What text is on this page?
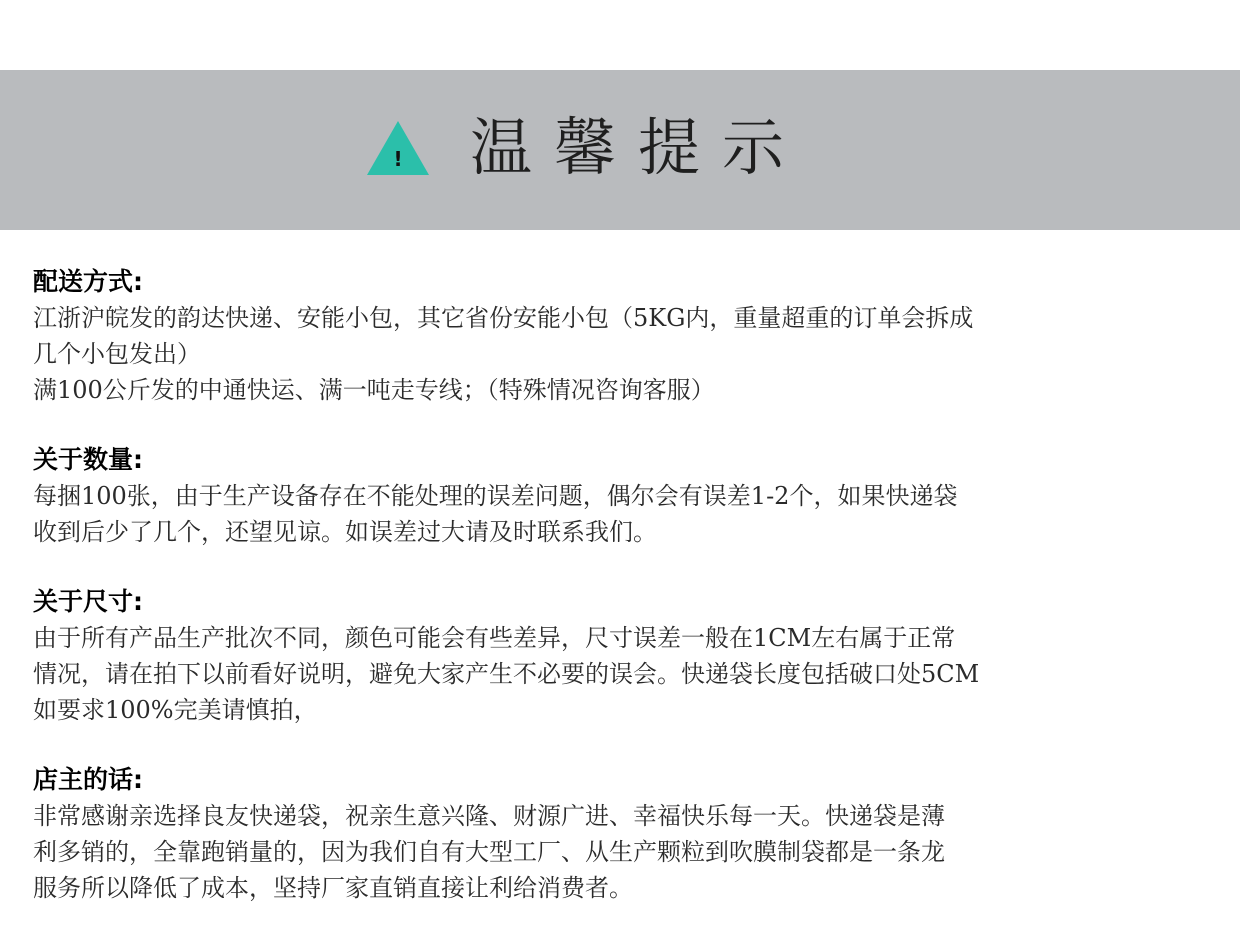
! 温馨提示
配送方式:
江浙沪皖发的韵达快递、安能小包，其它省份安能小包（5KG内，重量超重的订单会拆成
几个小包发出）
满100公斤发的中通快运、满一吨走专线；（特殊情况咨询客服）
关于数量:
每捆100张，由于生产设备存在不能处理的误差问题，偶尔会有误差1-2个，如果快递袋
收到后少了几个，还望见谅。如误差过大请及时联系我们。
关于尺寸:
由于所有产品生产批次不同，颜色可能会有些差异，尺寸误差一般在1CM左右属于正常
情况，请在拍下以前看好说明，避免大家产生不必要的误会。快递袋长度包括破口处5CM
如要求100%完美请慎拍，
店主的话:
非常感谢亲选择良友快递袋，祝亲生意兴隆、财源广进、幸福快乐每一天。快递袋是薄
利多销的，全靠跑销量的，因为我们自有大型工厂、从生产颗粒到吹膜制袋都是一条龙
服务所以降低了成本，坚持厂家直销直接让利给消费者。
